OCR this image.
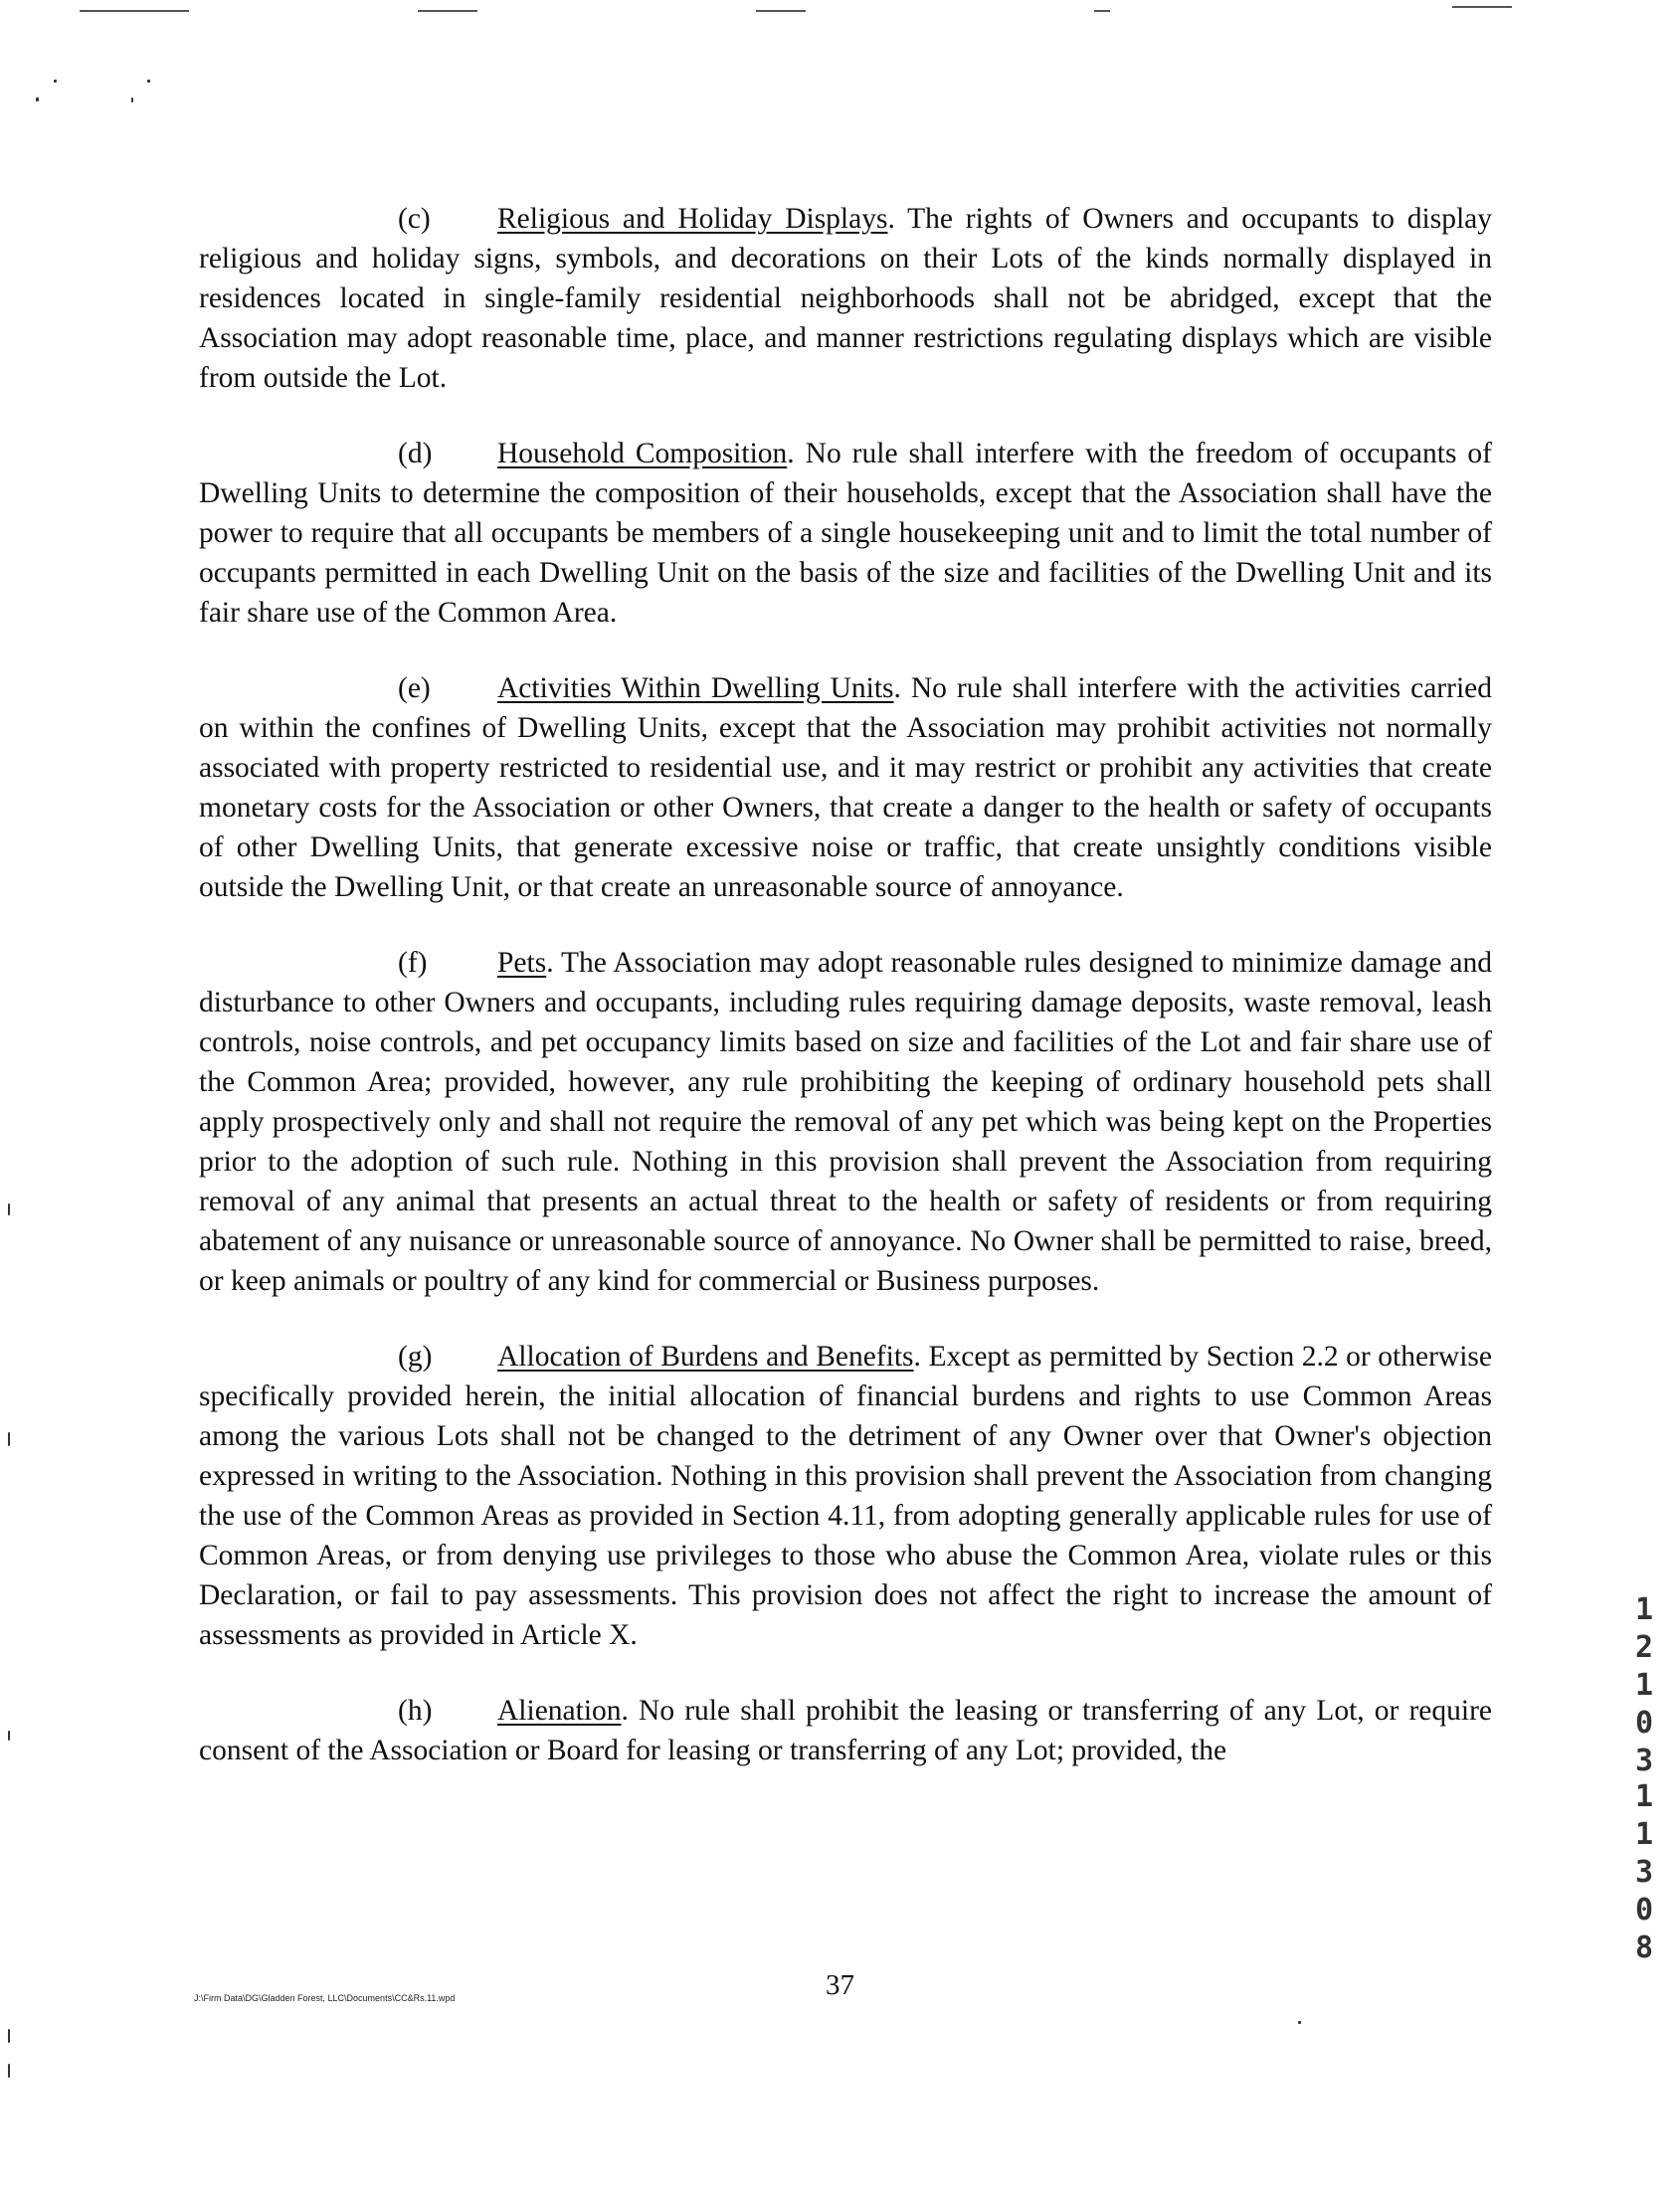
(c) Religious and Holiday Displays. The rights of Owners and occupants to display religious and holiday signs, symbols, and decorations on their Lots of the kinds normally displayed in residences located in single-family residential neighborhoods shall not be abridged, except that the Association may adopt reasonable time, place, and manner restrictions regulating displays which are visible from outside the Lot.

(d) Household Composition. No rule shall interfere with the freedom of occupants of Dwelling Units to determine the composition of their households, except that the Association shall have the power to require that all occupants be members of a single housekeeping unit and to limit the total number of occupants permitted in each Dwelling Unit on the basis of the size and facilities of the Dwelling Unit and its fair share use of the Common Area.

(e) Activities Within Dwelling Units. No rule shall interfere with the activities carried on within the confines of Dwelling Units, except that the Association may prohibit activities not normally associated with property restricted to residential use, and it may restrict or prohibit any activities that create monetary costs for the Association or other Owners, that create a danger to the health or safety of occupants of other Dwelling Units, that generate excessive noise or traffic, that create unsightly conditions visible outside the Dwelling Unit, or that create an unreasonable source of annoyance.

(f) Pets. The Association may adopt reasonable rules designed to minimize damage and disturbance to other Owners and occupants, including rules requiring damage deposits, waste removal, leash controls, noise controls, and pet occupancy limits based on size and facilities of the Lot and fair share use of the Common Area; provided, however, any rule prohibiting the keeping of ordinary household pets shall apply prospectively only and shall not require the removal of any pet which was being kept on the Properties prior to the adoption of such rule. Nothing in this provision shall prevent the Association from requiring removal of any animal that presents an actual threat to the health or safety of residents or from requiring abatement of any nuisance or unreasonable source of annoyance. No Owner shall be permitted to raise, breed, or keep animals or poultry of any kind for commercial or Business purposes.

(g) Allocation of Burdens and Benefits. Except as permitted by Section 2.2 or otherwise specifically provided herein, the initial allocation of financial burdens and rights to use Common Areas among the various Lots shall not be changed to the detriment of any Owner over that Owner's objection expressed in writing to the Association. Nothing in this provision shall prevent the Association from changing the use of the Common Areas as provided in Section 4.11, from adopting generally applicable rules for use of Common Areas, or from denying use privileges to those who abuse the Common Area, violate rules or this Declaration, or fail to pay assessments. This provision does not affect the right to increase the amount of assessments as provided in Article X.

(h) Alienation. No rule shall prohibit the leasing or transferring of any Lot, or require consent of the Association or Board for leasing or transferring of any Lot; provided, the

J:\Firm Data\DG\Gladden Forest, LLC\Documents\CC&Rs.11.wpd	37
1
2
1
0
3
1
1
3
0
8
